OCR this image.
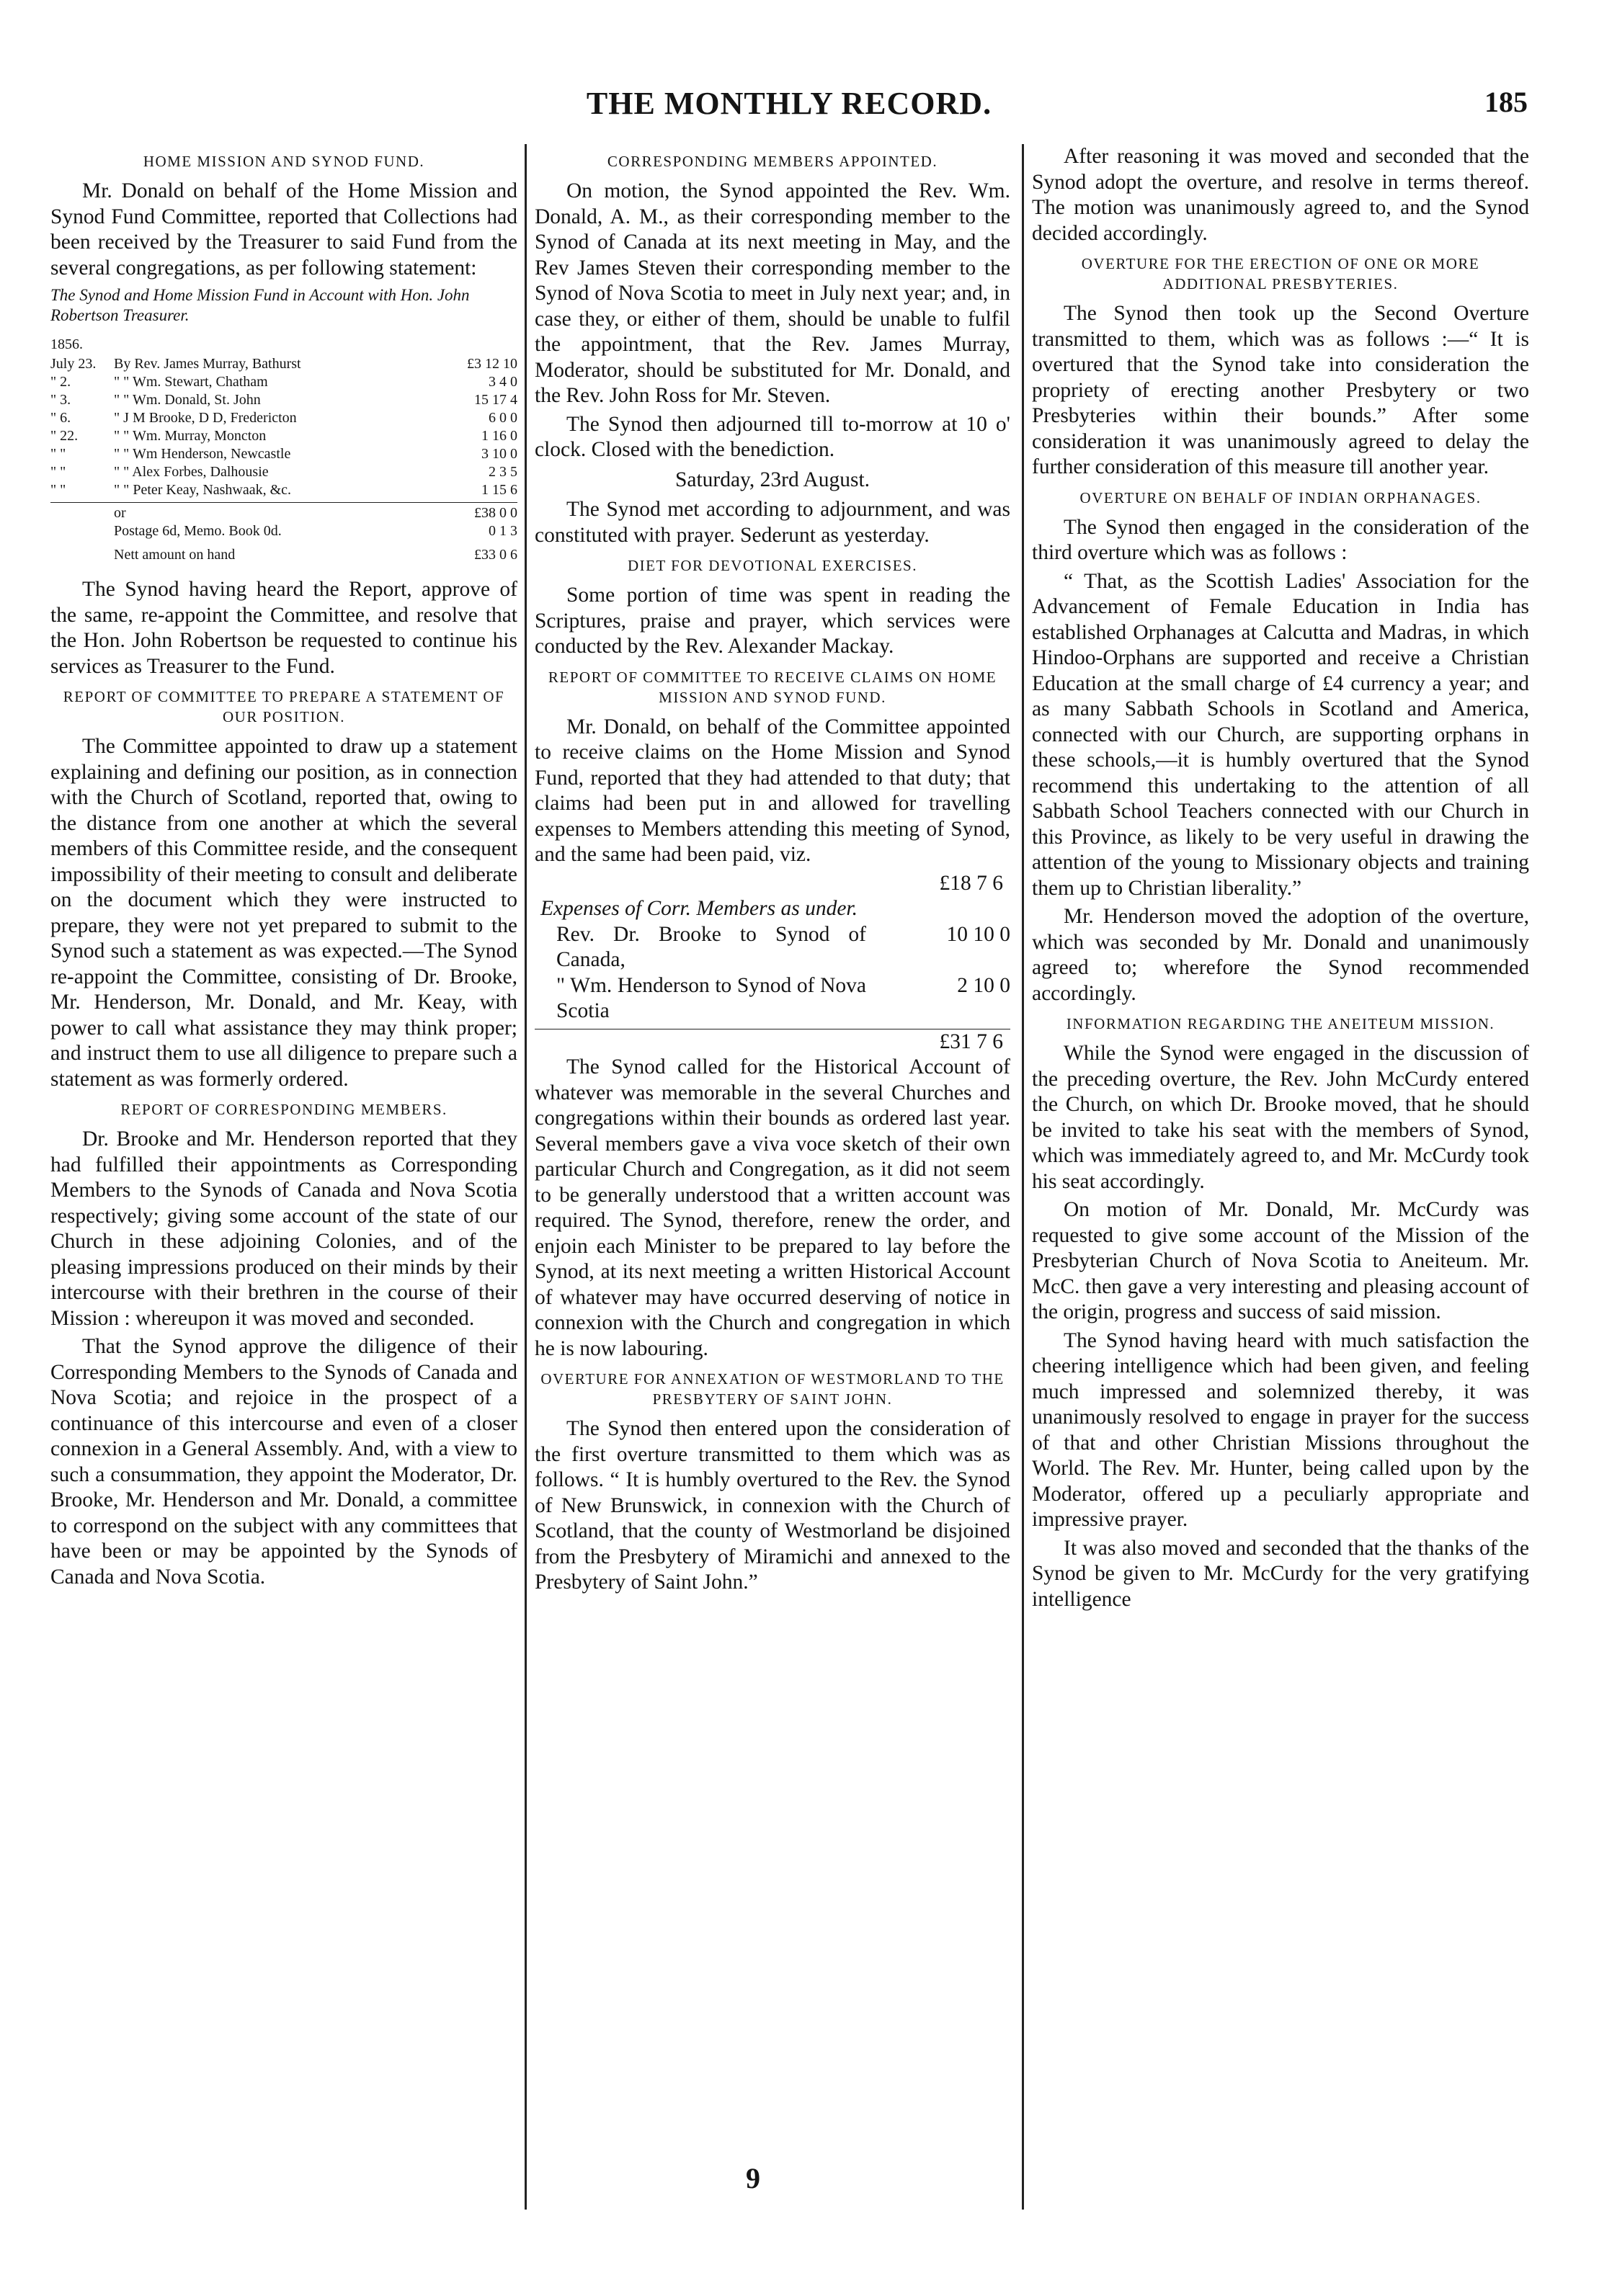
THE MONTHLY RECORD.	185
HOME MISSION AND SYNOD FUND.

Mr. Donald on behalf of the Home Mission and Synod Fund Committee, reported that Collections had been received by the Treasurer to said Fund from the several congregations, as per following statement:

The Synod and Home Mission Fund in Account with Hon. John Robertson Treasurer.
1856.
July 23.	By Rev. James Murray, Bathurst	£3 12 10
" 2.	" " Wm. Stewart, Chatham	3 4 0
" 3.	" " Wm. Donald, St. John	15 17 4
" 6.	" J M Brooke, D D, Fredericton	6 0 0
" 22.	" " Wm. Murray, Moncton	1 16 0
" "	" " Wm Henderson, Newcastle	3 10 0
" "	" " Alex Forbes, Dalhousie	2 3 5
" "	" " Peter Keay, Nashwaak, &c.	1 15 6
or	£38 0 0
Postage 6d, Memo. Book 0d.	0 1 3
Nett amount on hand	£33 0 6

The Synod having heard the Report, approve of the same, re-appoint the Committee, and resolve that the Hon. John Robertson be requested to continue his services as Treasurer to the Fund.

REPORT OF COMMITTEE TO PREPARE A STATEMENT OF OUR POSITION.

The Committee appointed to draw up a statement explaining and defining our position, as in connection with the Church of Scotland, reported that, owing to the distance from one another at which the several members of this Committee reside, and the consequent impossibility of their meeting to consult and deliberate on the document which they were instructed to prepare, they were not yet prepared to submit to the Synod such a statement as was expected.—The Synod re-appoint the Committee, consisting of Dr. Brooke, Mr. Henderson, Mr. Donald, and Mr. Keay, with power to call what assistance they may think proper; and instruct them to use all diligence to prepare such a statement as was formerly ordered.

REPORT OF CORRESPONDING MEMBERS.

Dr. Brooke and Mr. Henderson reported that they had fulfilled their appointments as Corresponding Members to the Synods of Canada and Nova Scotia respectively; giving some account of the state of our Church in these adjoining Colonies, and of the pleasing impressions produced on their minds by their intercourse with their brethren in the course of their Mission : whereupon it was moved and seconded.

That the Synod approve the diligence of their Corresponding Members to the Synods of Canada and Nova Scotia; and rejoice in the prospect of a continuance of this intercourse and even of a closer connexion in a General Assembly. And, with a view to such a consummation, they appoint the Moderator, Dr. Brooke, Mr. Henderson and Mr. Donald, a committee to correspond on the subject with any committees that have been or may be appointed by the Synods of Canada and Nova Scotia.

CORRESPONDING MEMBERS APPOINTED.

On motion, the Synod appointed the Rev. Wm. Donald, A. M., as their corresponding member to the Synod of Canada at its next meeting in May, and the Rev James Steven their corresponding member to the Synod of Nova Scotia to meet in July next year; and, in case they, or either of them, should be unable to fulfil the appointment, that the Rev. James Murray, Moderator, should be substituted for Mr. Donald, and the Rev. John Ross for Mr. Steven.

The Synod then adjourned till to-morrow at 10 o' clock. Closed with the benediction.

Saturday, 23rd August.

The Synod met according to adjournment, and was constituted with prayer. Sederunt as yesterday.

DIET FOR DEVOTIONAL EXERCISES.

Some portion of time was spent in reading the Scriptures, praise and prayer, which services were conducted by the Rev. Alexander Mackay.

REPORT OF COMMITTEE TO RECEIVE CLAIMS ON HOME MISSION AND SYNOD FUND.

Mr. Donald, on behalf of the Committee appointed to receive claims on the Home Mission and Synod Fund, reported that they had attended to that duty; that claims had been put in and allowed for travelling expenses to Members attending this meeting of Synod, and the same had been paid, viz.

£18 7 6
Expenses of Corr. Members as under.
Rev. Dr. Brooke to Synod of Canada,
10 10 0
" Wm. Henderson to Synod of Nova Scotia
2 10 0
£31 7 6

The Synod called for the Historical Account of whatever was memorable in the several Churches and congregations within their bounds as ordered last year. Several members gave a viva voce sketch of their own particular Church and Congregation, as it did not seem to be generally understood that a written account was required. The Synod, therefore, renew the order, and enjoin each Minister to be prepared to lay before the Synod, at its next meeting a written Historical Account of whatever may have occurred deserving of notice in connexion with the Church and congregation in which he is now labouring.

OVERTURE FOR ANNEXATION OF WESTMORLAND TO THE PRESBYTERY OF SAINT JOHN.

The Synod then entered upon the consideration of the first overture transmitted to them which was as follows. “ It is humbly overtured to the Rev. the Synod of New Brunswick, in connexion with the Church of Scotland, that the county of Westmorland be disjoined from the Presbytery of Miramichi and annexed to the Presbytery of Saint John.”

After reasoning it was moved and seconded that the Synod adopt the overture, and resolve in terms thereof. The motion was unanimously agreed to, and the Synod decided accordingly.

OVERTURE FOR THE ERECTION OF ONE OR MORE ADDITIONAL PRESBYTERIES.

The Synod then took up the Second Overture transmitted to them, which was as follows :—“ It is overtured that the Synod take into consideration the propriety of erecting another Presbytery or two Presbyteries within their bounds.” After some consideration it was unanimously agreed to delay the further consideration of this measure till another year.

OVERTURE ON BEHALF OF INDIAN ORPHANAGES.

The Synod then engaged in the consideration of the third overture which was as follows :

“ That, as the Scottish Ladies' Association for the Advancement of Female Education in India has established Orphanages at Calcutta and Madras, in which Hindoo-Orphans are supported and receive a Christian Education at the small charge of £4 currency a year; and as many Sabbath Schools in Scotland and America, connected with our Church, are supporting orphans in these schools,—it is humbly overtured that the Synod recommend this undertaking to the attention of all Sabbath School Teachers connected with our Church in this Province, as likely to be very useful in drawing the attention of the young to Missionary objects and training them up to Christian liberality.”

Mr. Henderson moved the adoption of the overture, which was seconded by Mr. Donald and unanimously agreed to; wherefore the Synod recommended accordingly.

INFORMATION REGARDING THE ANEITEUM MISSION.

While the Synod were engaged in the discussion of the preceding overture, the Rev. John McCurdy entered the Church, on which Dr. Brooke moved, that he should be invited to take his seat with the members of Synod, which was immediately agreed to, and Mr. McCurdy took his seat accordingly.

On motion of Mr. Donald, Mr. McCurdy was requested to give some account of the Mission of the Presbyterian Church of Nova Scotia to Aneiteum. Mr. McC. then gave a very interesting and pleasing account of the origin, progress and success of said mission.

The Synod having heard with much satisfaction the cheering intelligence which had been given, and feeling much impressed and solemnized thereby, it was unanimously resolved to engage in prayer for the success of that and other Christian Missions throughout the World. The Rev. Mr. Hunter, being called upon by the Moderator, offered up a peculiarly appropriate and impressive prayer.

It was also moved and seconded that the thanks of the Synod be given to Mr. McCurdy for the very gratifying intelligence

9
